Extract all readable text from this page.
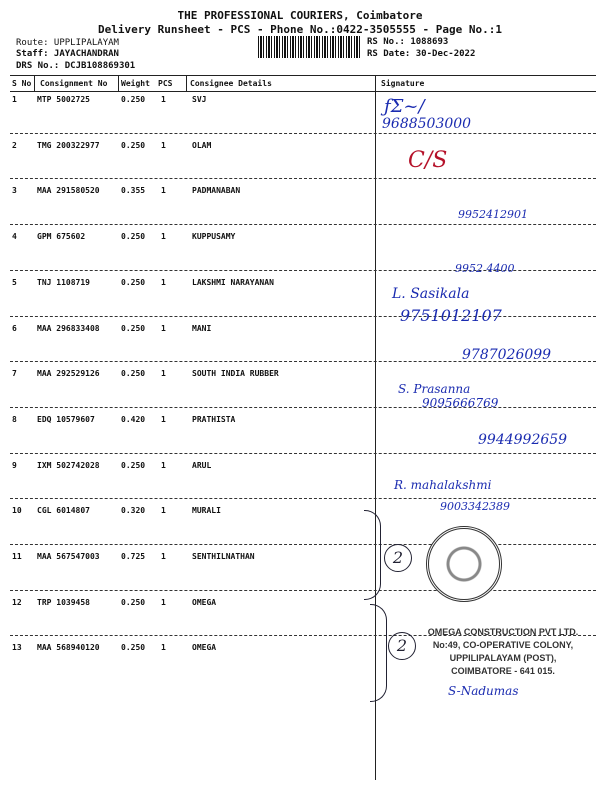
THE PROFESSIONAL COURIERS, Coimbatore
Delivery Runsheet - PCS - Phone No.:0422-3505555 - Page No.:1
Route: UPPLIPALAYAM
Staff: JAYACHANDRAN
DRS No.: DCJB108869301
RS No.: 1088693
RS Date: 30-Dec-2022
S No Consignment No Weight PCS Consignee Details	Signature
1	MTP 5002725	0.250 1	SVJ
2	TMG 200322977	0.250 1	OLAM
3	MAA 291580520	0.355 1	PADMANABAN
4	GPM 675602	0.250 1	KUPPUSAMY
5	TNJ 1108719	0.250 1	LAKSHMI NARAYANAN
6	MAA 296833408	0.250 1	MANI
7	MAA 292529126	0.250 1	SOUTH INDIA RUBBER
8	EDQ 10579607	0.420 1	PRATHISTA
9	IXM 502742028	0.250 1	ARUL
10 CGL 6014807	0.320 1	MURALI
11 MAA 567547003	0.725 1	SENTHILNATHAN
12 TRP 1039458	0.250 1	OMEGA
13 MAA 568940120	0.250 1	OMEGA
ƒΣ~/
9688503000
C/S
9952412901
9952 4400
L. Sasikala
9751012107
9787026099
S. Prasanna
9095666769
9944992659
R. mahalakshmi
9003342389
2
2
OMEGA CONSTRUCTION PVT LTD.
No:49, CO-OPERATIVE COLONY,
UPPILIPALAYAM (POST),
COIMBATORE - 641 015.
S-Nadumas
